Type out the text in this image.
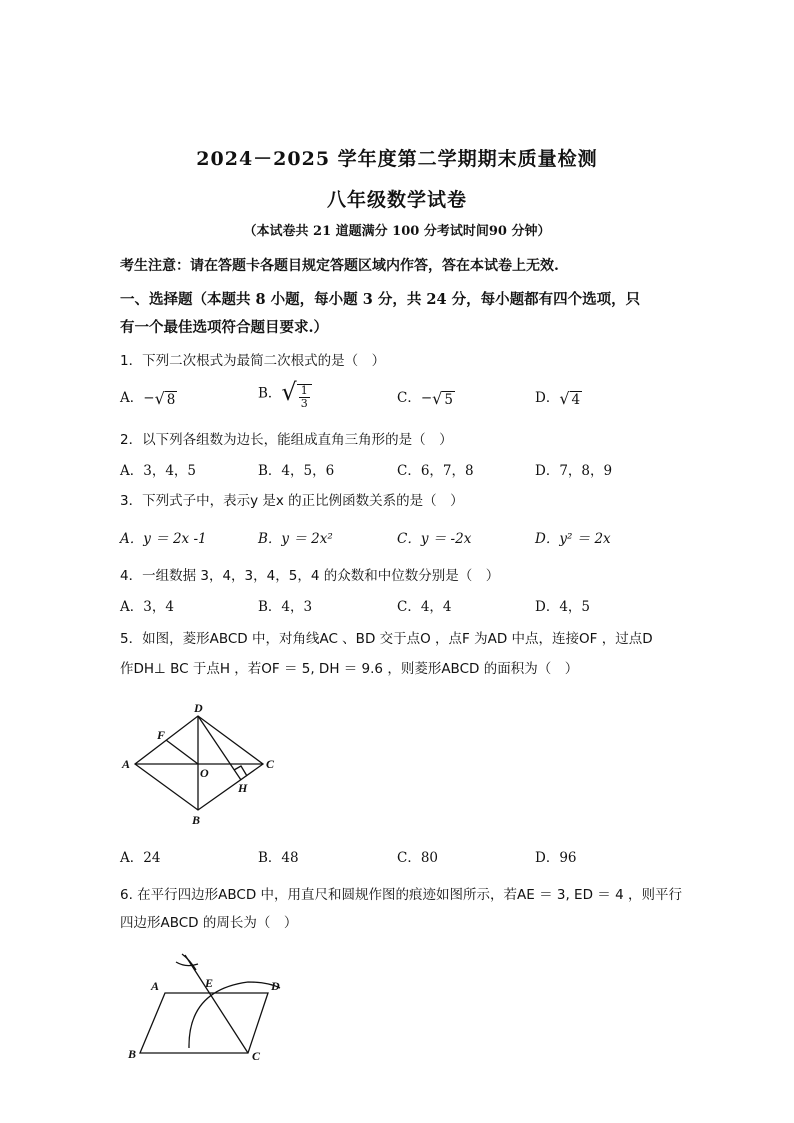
2024－2025 学年度第二学期期末质量检测
八年级数学试卷
（本试卷共 21 道题满分 100 分考试时间90 分钟）
考生注意：请在答题卡各题目规定答题区域内作答，答在本试卷上无效.
一、选择题（本题共 8 小题，每小题 3 分，共 24 分，每小题都有四个选项，只
有一个最佳选项符合题目要求.）
1．下列二次根式为最简二次根式的是（　）
A．−√ 8	B．√ $\frac{1}{3}$	C．−√ 5	D．√ 4
2．以下列各组数为边长，能组成直角三角形的是（　）
A．3，4，5	B．4，5，6	C．6，7，8	D．7，8，9
3．下列式子中，表示y 是x 的正比例函数关系的是（　）
A．y ＝ 2x -1	B．y ＝ 2x²	C．y ＝ -2x	D．y² ＝ 2x
4．一组数据 3，4，3，4，5，4 的众数和中位数分别是（　）
A．3，4	B．4，3	C．4，4	D．4，5
5．如图，菱形ABCD 中，对角线AC 、BD 交于点O ，点F 为AD 中点，连接OF ，过点D
作DH⊥ BC 于点H ，若OF ＝ 5, DH ＝ 9.6 ，则菱形ABCD 的面积为（　）
D
F
A
O
C
H
B
A．24	B．48	C．80	D．96
6. 在平行四边形ABCD 中，用直尺和圆规作图的痕迹如图所示，若AE ＝ 3, ED ＝ 4 ，则平行
四边形ABCD 的周长为（　）
A	E	D
B	C
